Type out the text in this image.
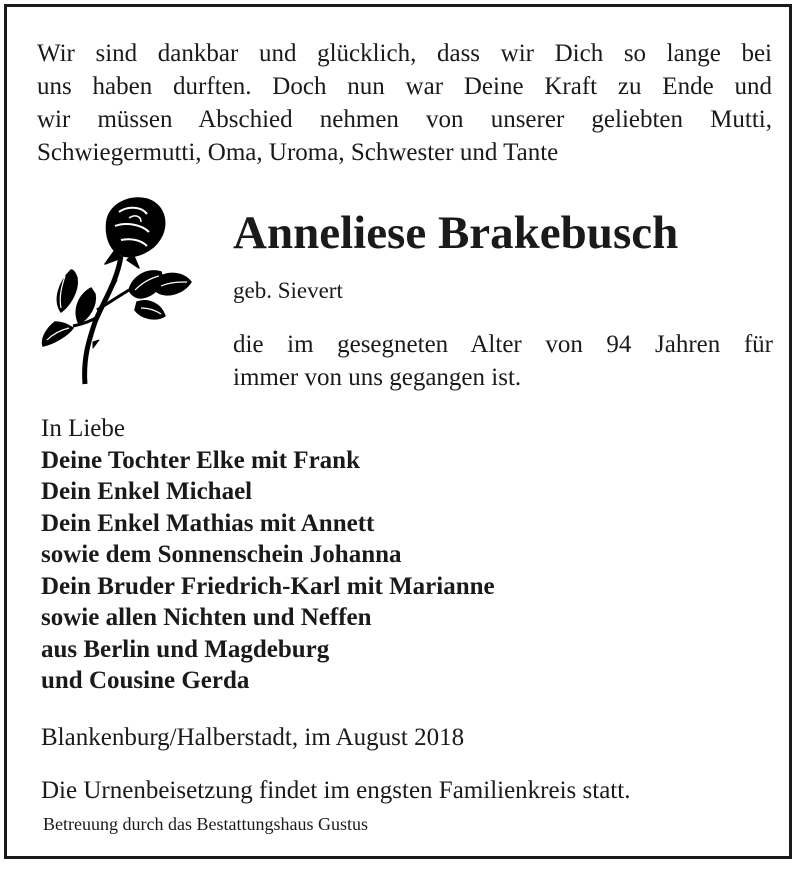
Wir sind dankbar und glücklich, dass wir Dich so lange bei
uns haben durften. Doch nun war Deine Kraft zu Ende und
wir müssen Abschied nehmen von unserer geliebten Mutti,
Schwiegermutti, Oma, Uroma, Schwester und Tante
Anneliese Brakebusch
geb. Sievert
die im gesegneten Alter von 94 Jahren für
immer von uns gegangen ist.
In Liebe
Deine Tochter Elke mit Frank
Dein Enkel Michael
Dein Enkel Mathias mit Annett
sowie dem Sonnenschein Johanna
Dein Bruder Friedrich-Karl mit Marianne
sowie allen Nichten und Neffen
aus Berlin und Magdeburg
und Cousine Gerda
Blankenburg/Halberstadt, im August 2018
Die Urnenbeisetzung findet im engsten Familienkreis statt.
Betreuung durch das Bestattungshaus Gustus
